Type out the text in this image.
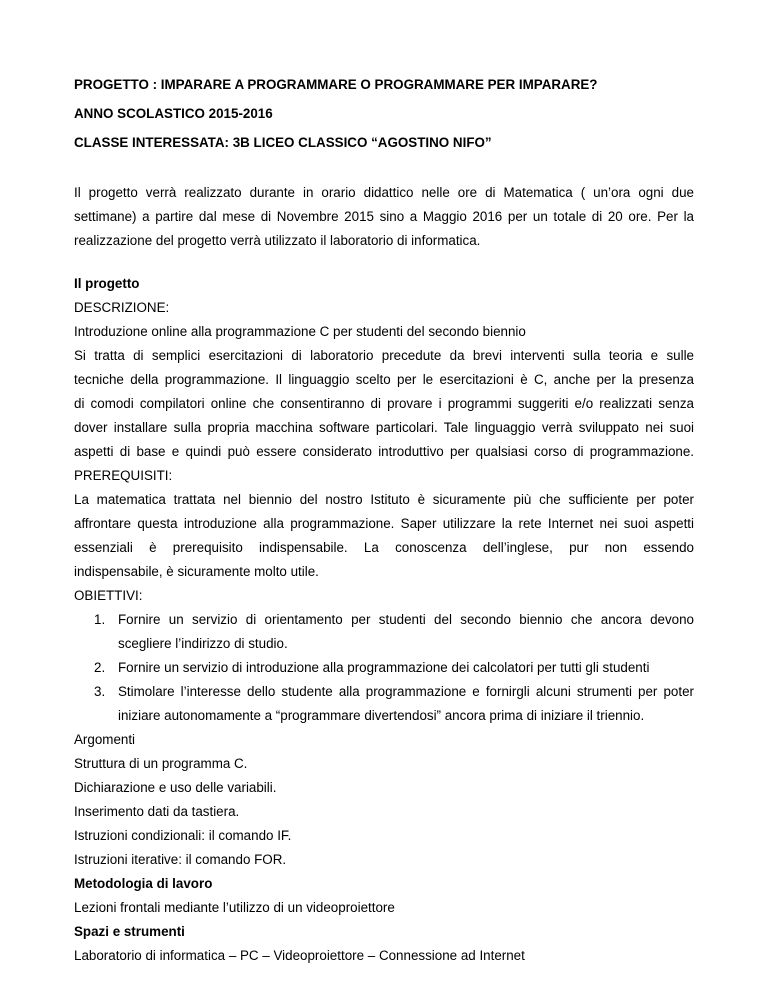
PROGETTO : IMPARARE A PROGRAMMARE O PROGRAMMARE PER IMPARARE?

ANNO SCOLASTICO 2015-2016

CLASSE INTERESSATA: 3B LICEO CLASSICO “AGOSTINO NIFO”

Il progetto verrà realizzato durante in orario didattico nelle ore di Matematica ( un’ora ogni due
settimane) a partire dal mese di Novembre 2015 sino a Maggio 2016 per un totale di 20 ore. Per la
realizzazione del progetto verrà utilizzato il laboratorio di informatica.

Il progetto

DESCRIZIONE:

Introduzione online alla programmazione C per studenti del secondo biennio

Si tratta di semplici esercitazioni di laboratorio precedute da brevi interventi sulla teoria e sulle
tecniche della programmazione. Il linguaggio scelto per le esercitazioni è C, anche per la presenza
di comodi compilatori online che consentiranno di provare i programmi suggeriti e/o realizzati senza
dover installare sulla propria macchina software particolari. Tale linguaggio verrà sviluppato nei suoi
aspetti di base e quindi può essere considerato introduttivo per qualsiasi corso di programmazione.

PREREQUISITI:

La matematica trattata nel biennio del nostro Istituto è sicuramente più che sufficiente per poter
affrontare questa introduzione alla programmazione. Saper utilizzare la rete Internet nei suoi aspetti
essenziali è prerequisito indispensabile. La conoscenza dell’inglese, pur non essendo
indispensabile, è sicuramente molto utile.

OBIETTIVI:

1. Fornire un servizio di orientamento per studenti del secondo biennio che ancora devono
scegliere l’indirizzo di studio.
2. Fornire un servizio di introduzione alla programmazione dei calcolatori per tutti gli studenti
3. Stimolare l’interesse dello studente alla programmazione e fornirgli alcuni strumenti per poter
iniziare autonomamente a “programmare divertendosi” ancora prima di iniziare il triennio.

Argomenti

Struttura di un programma C.

Dichiarazione e uso delle variabili.

Inserimento dati da tastiera.

Istruzioni condizionali: il comando IF.

Istruzioni iterative: il comando FOR.

Metodologia di lavoro

Lezioni frontali mediante l’utilizzo di un videoproiettore

Spazi e strumenti

Laboratorio di informatica – PC – Videoproiettore – Connessione ad Internet
